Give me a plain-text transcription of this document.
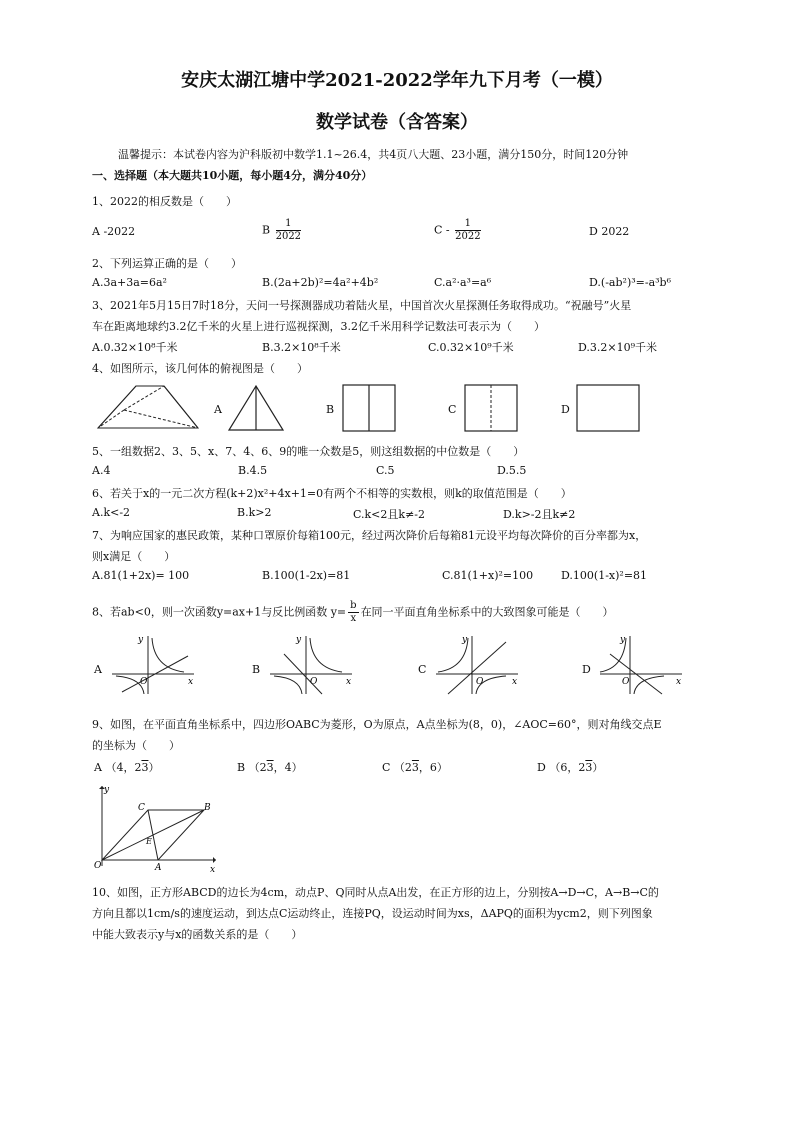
安庆太湖江塘中学2021-2022学年九下月考（一模）
数学试卷（含答案）
温馨提示：本试卷内容为沪科版初中数学1.1~26.4，共4页八大题、23小题，满分150分，时间120分钟
一、选择题（本大题共10小题，每小题4分，满分40分）
1、2022的相反数是（　　）
A -2022	B $\frac{1}{2022}$	C - $\frac{1}{2022}$	D 2022
2、下列运算正确的是（　　）
A.3a+3a=6a²	B.(2a+2b)²=4a²+4b²	C.a²·a³=a⁶	D.(-ab²)³=-a³b⁶
3、2021年5月15日7时18分，天问一号探测器成功着陆火星，中国首次火星探测任务取得成功。“祝融号”火星
车在距离地球约3.2亿千米的火星上进行巡视探测，3.2亿千米用科学记数法可表示为（　　）
A.0.32×10⁸千米	B.3.2×10⁸千米	C.0.32×10⁹千米	D.3.2×10⁹千米
4、如图所示，该几何体的俯视图是（　　）
A	B	C	D
5、一组数据2、3、5、x、7、4、6、9的唯一众数是5，则这组数据的中位数是（　　）
A.4	B.4.5	C.5	D.5.5
6、若关于x的一元二次方程(k+2)x²+4x+1=0有两个不相等的实数根，则k的取值范围是（　　）
A.k<-2	B.k>2	C.k<2且k≠-2	D.k>-2且k≠2
7、为响应国家的惠民政策，某种口罩原价每箱100元，经过两次降价后每箱81元设平均每次降价的百分率都为x，
则x满足（　　）
A.81(1+2x)= 100	B.100(1-2x)=81	C.81(1+x)²=100	D.100(1-x)²=81
8、若ab<0，则一次函数y=ax+1与反比例函数 $y= \frac{b}{x}$ 在同一平面直角坐标系中的大致图象可能是（　　）
A
y
x
O
B
y
x
O
C
y
x
O
D
y
x
O
9、如图，在平面直角坐标系中，四边形OABC为菱形，O为原点，A点坐标为(8，0)，∠AOC=60°，则对角线交点E
的坐标为（　　）
A （4，23）	B （23，4）	C （23，6）	D （6，23）
y
x
O	A
B
C
E
10、如图，正方形ABCD的边长为4cm，动点P、Q同时从点A出发，在正方形的边上，分别按A→D→C，A→B→C的
方向且都以1cm/s的速度运动，到达点C运动终止，连接PQ，设运动时间为xs，ΔAPQ的面积为ycm2，则下列图象
中能大致表示y与x的函数关系的是（　　）
